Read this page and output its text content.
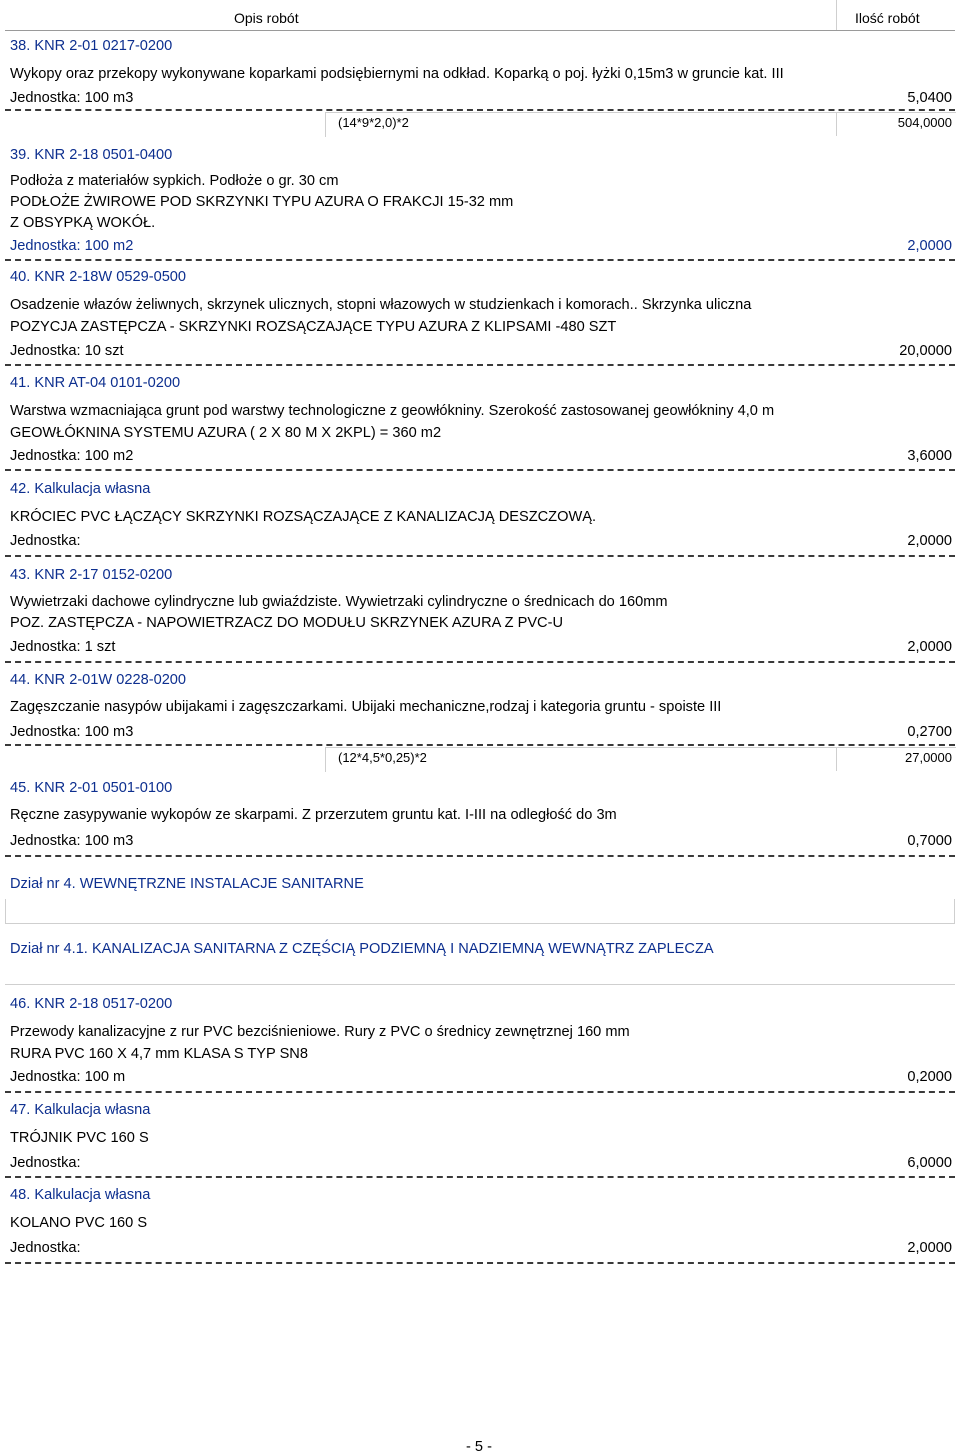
Opis robót	Ilość robót
38. KNR 2-01 0217-0200
Wykopy oraz przekopy wykonywane koparkami podsiębiernymi na odkład. Koparką o poj. łyżki 0,15m3 w gruncie kat. III
Jednostka: 100 m3	5,0400
(14*9*2,0)*2	504,0000
39. KNR 2-18 0501-0400
Podłoża z materiałów sypkich. Podłoże o gr. 30 cm
PODŁOŻE ŻWIROWE POD SKRZYNKI TYPU AZURA O FRAKCJI 15-32 mm
Z OBSYPKĄ WOKÓŁ.
Jednostka: 100 m2	2,0000
40. KNR 2-18W 0529-0500
Osadzenie włazów żeliwnych, skrzynek ulicznych, stopni włazowych w studzienkach i komorach.. Skrzynka uliczna
POZYCJA ZASTĘPCZA - SKRZYNKI ROZSĄCZAJĄCE TYPU AZURA Z KLIPSAMI -480 SZT
Jednostka: 10 szt	20,0000
41. KNR AT-04 0101-0200
Warstwa wzmacniająca grunt pod warstwy technologiczne z geowłókniny. Szerokość zastosowanej geowłókniny 4,0 m
GEOWŁÓKNINA SYSTEMU AZURA ( 2 X 80 M X 2KPL) = 360 m2
Jednostka: 100 m2	3,6000
42. Kalkulacja własna
KRÓCIEC PVC ŁĄCZĄCY SKRZYNKI ROZSĄCZAJĄCE Z KANALIZACJĄ DESZCZOWĄ.
Jednostka:	2,0000
43. KNR 2-17 0152-0200
Wywietrzaki dachowe cylindryczne lub gwiaździste. Wywietrzaki cylindryczne o średnicach do 160mm
POZ. ZASTĘPCZA - NAPOWIETRZACZ DO MODUŁU SKRZYNEK AZURA Z PVC-U
Jednostka: 1 szt	2,0000
44. KNR 2-01W 0228-0200
Zagęszczanie nasypów ubijakami i zagęszczarkami. Ubijaki mechaniczne,rodzaj i kategoria gruntu - spoiste III
Jednostka: 100 m3	0,2700
(12*4,5*0,25)*2	27,0000
45. KNR 2-01 0501-0100
Ręczne zasypywanie wykopów ze skarpami. Z przerzutem gruntu kat. I-III na odległość do 3m
Jednostka: 100 m3	0,7000
Dział nr 4. WEWNĘTRZNE INSTALACJE SANITARNE
Dział nr 4.1. KANALIZACJA SANITARNA Z CZĘŚCIĄ PODZIEMNĄ I NADZIEMNĄ WEWNĄTRZ ZAPLECZA
46. KNR 2-18 0517-0200
Przewody kanalizacyjne z rur PVC bezciśnieniowe. Rury z PVC o średnicy zewnętrznej 160 mm
RURA PVC 160 X 4,7 mm KLASA S TYP SN8
Jednostka: 100 m	0,2000
47. Kalkulacja własna
TRÓJNIK PVC 160 S
Jednostka:	6,0000
48. Kalkulacja własna
KOLANO PVC 160 S
Jednostka:	2,0000
- 5 -
